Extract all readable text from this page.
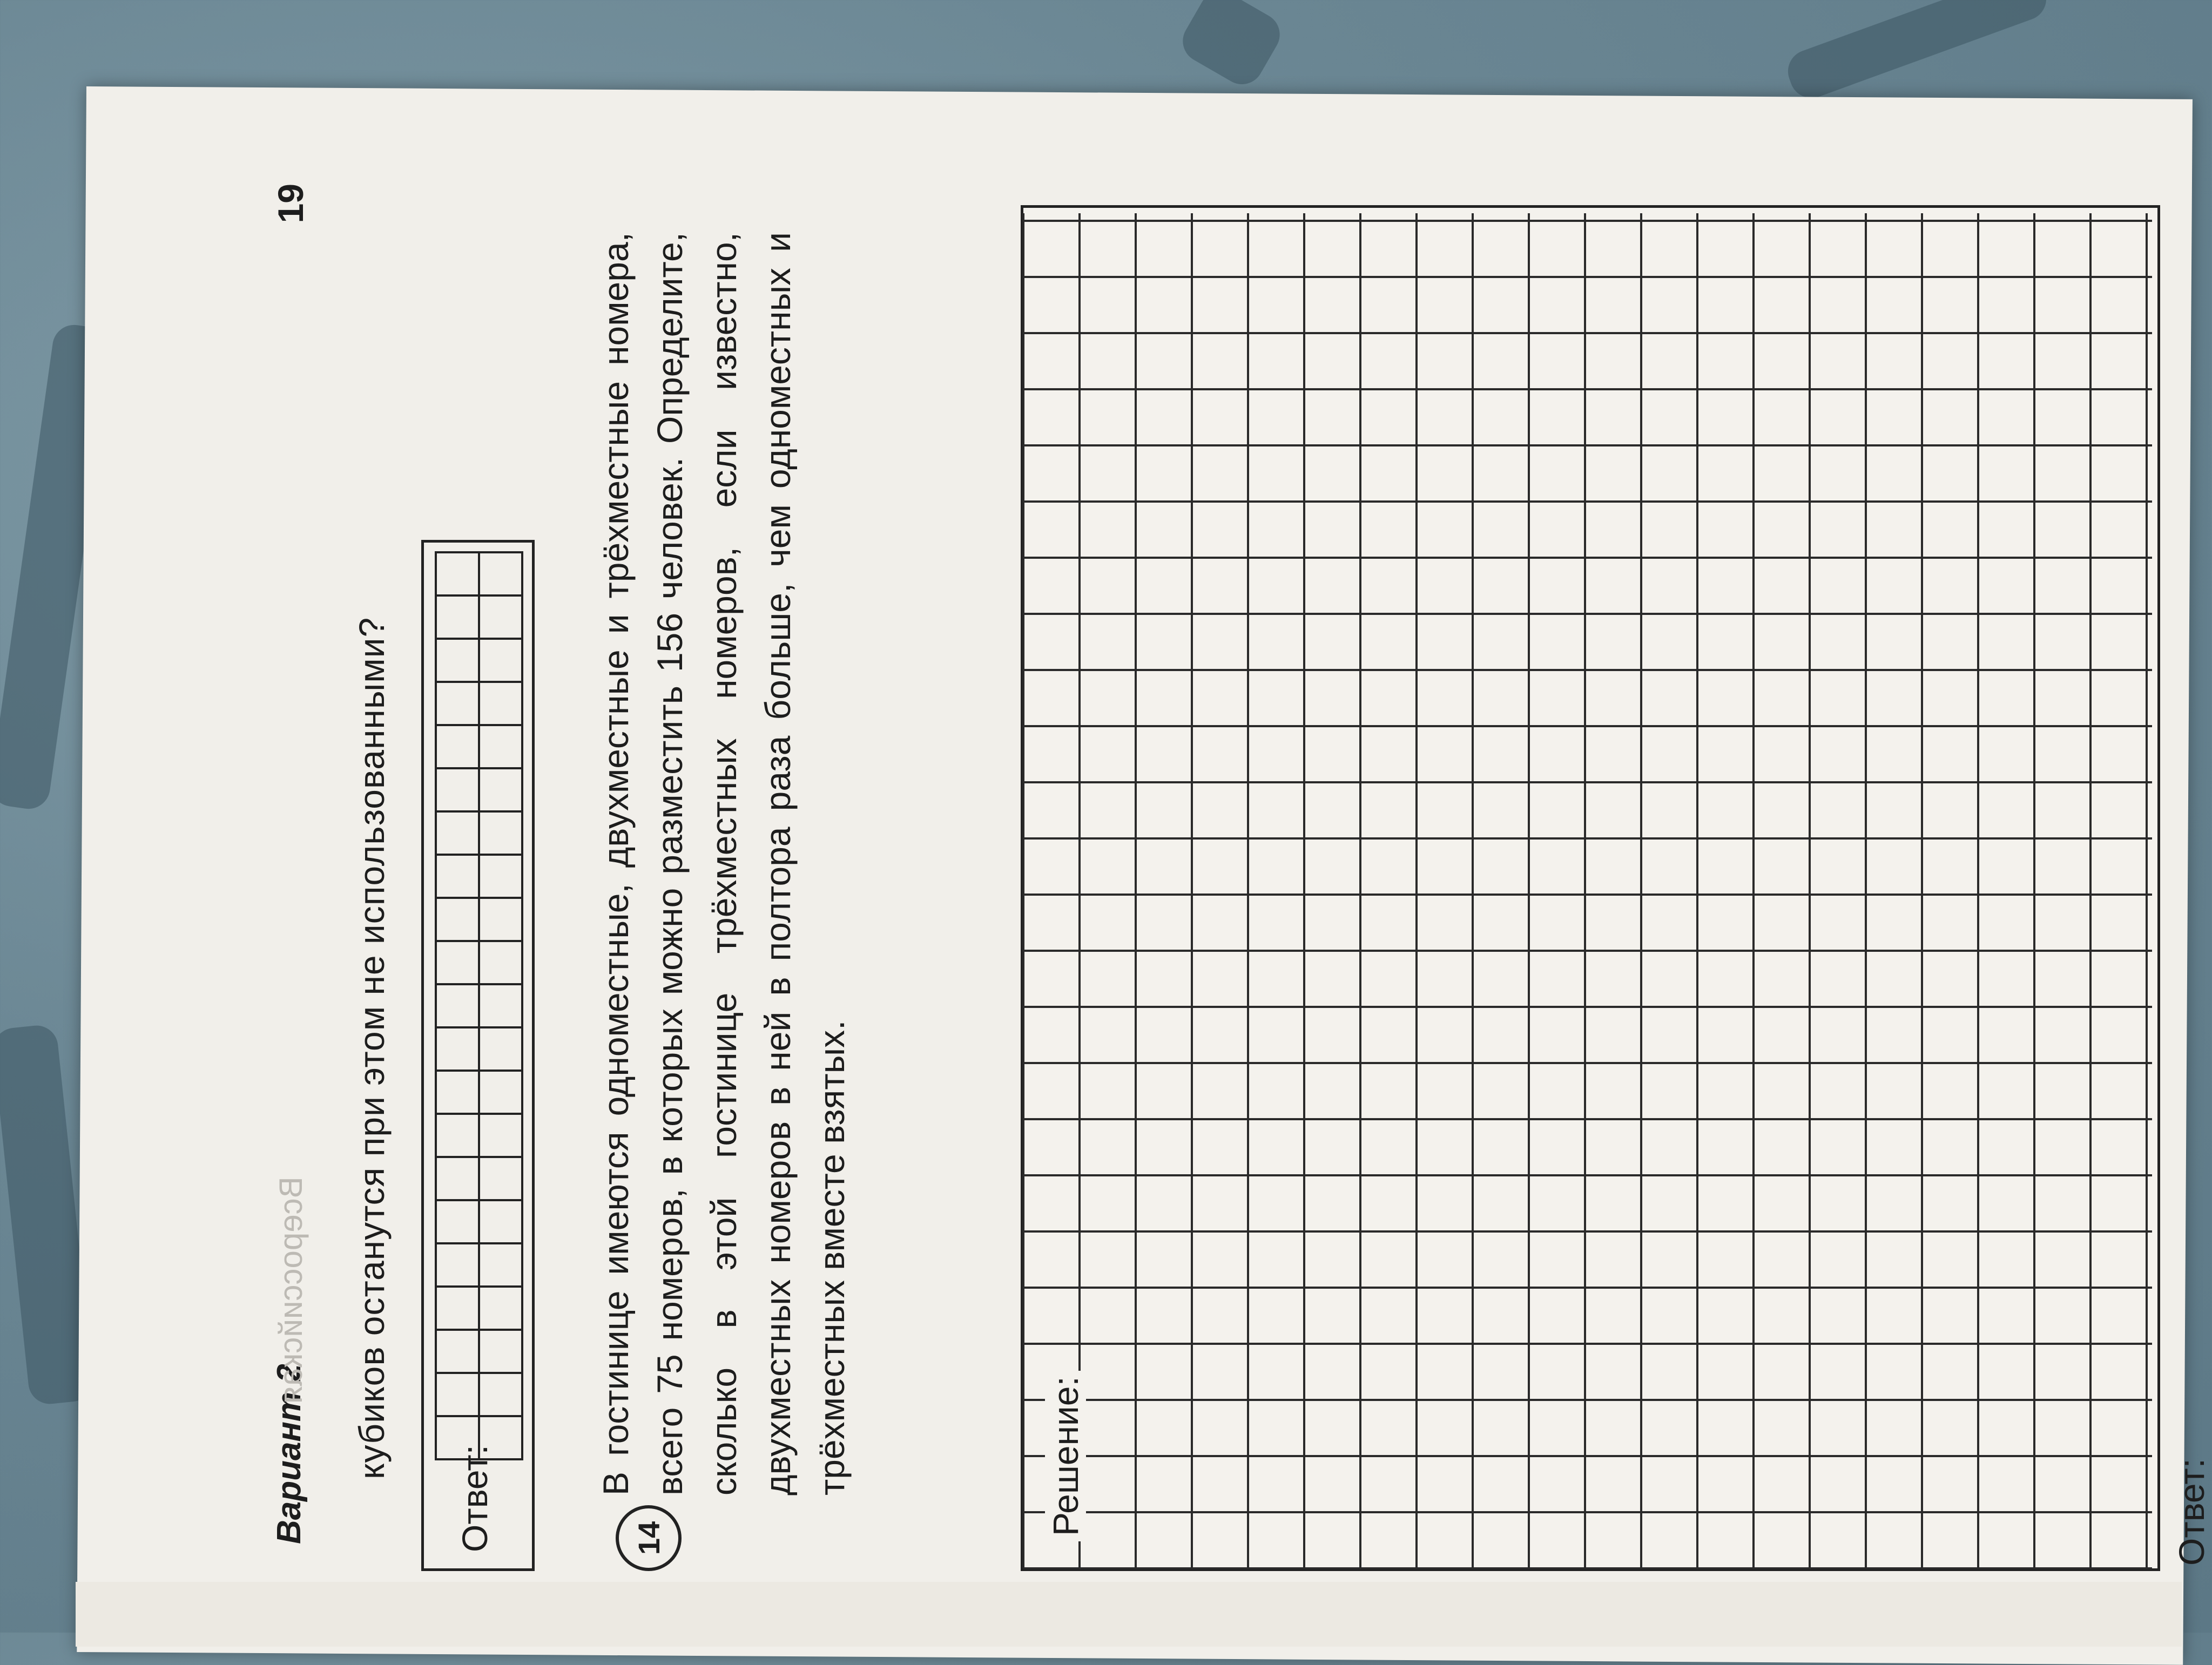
Вариант 2
Всероссийская
19
кубиков останутся при этом не использованными?
Ответ:	14
В гостинице имеются одноместные, двухместные и трёхместные номера, всего 75 номеров, в которых можно разместить 156 человек. Определите, сколько в этой гостинице трёхместных номеров, если известно, двухместных номеров в ней в полтора раза больше, чем одноместных и трёхместных вместе взятых.	Решение:	Ответ:
